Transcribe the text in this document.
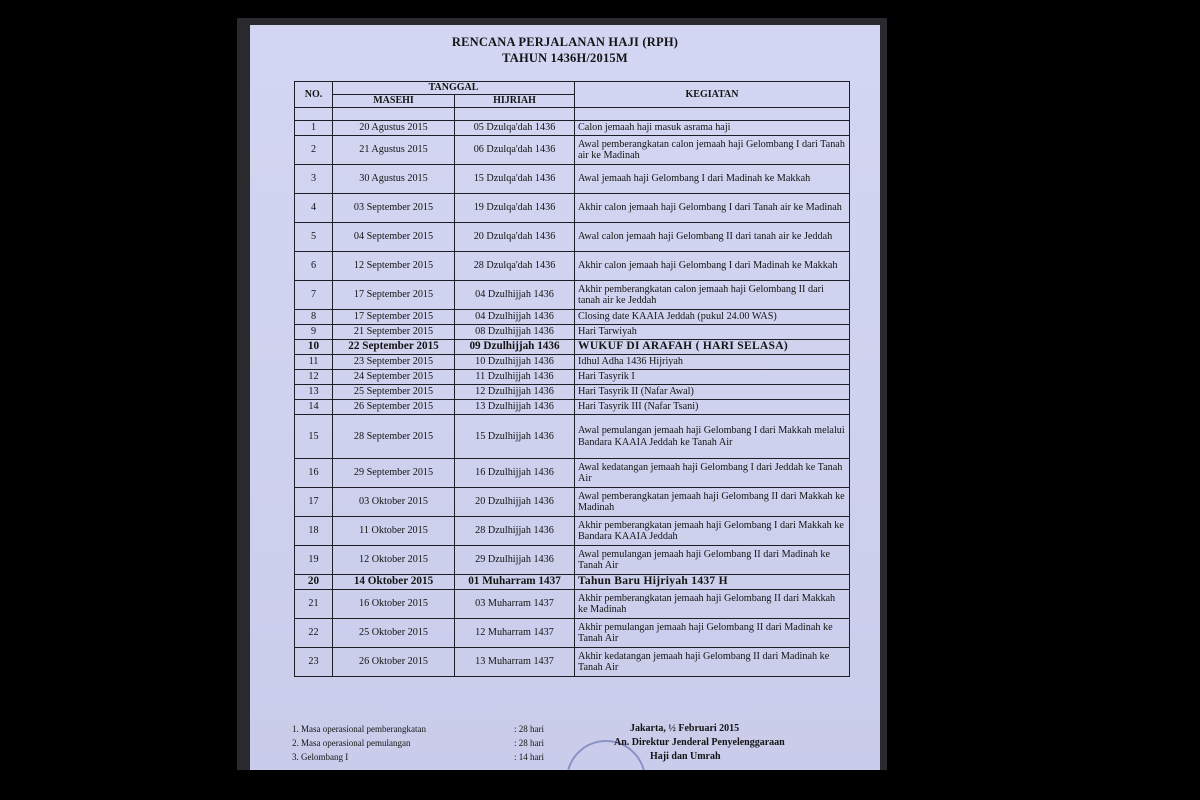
RENCANA PERJALANAN HAJI (RPH)
TAHUN 1436H/2015M
NO.	TANGGAL		KEGIATAN
	MASEHI	HIJRIAH	

1	20 Agustus 2015	05 Dzulqa'dah 1436	Calon jemaah haji masuk asrama haji
2	21 Agustus 2015	06 Dzulqa'dah 1436	Awal pemberangkatan calon jemaah haji Gelombang I dari Tanah air ke Madinah
3	30 Agustus 2015	15 Dzulqa'dah 1436	Awal jemaah haji Gelombang I dari Madinah ke Makkah
4	03 September 2015	19 Dzulqa'dah 1436	Akhir calon jemaah haji Gelombang I dari Tanah air ke Madinah
5	04 September 2015	20 Dzulqa'dah 1436	Awal calon jemaah haji Gelombang II dari tanah air ke Jeddah
6	12 September 2015	28 Dzulqa'dah 1436	Akhir calon jemaah haji Gelombang I dari Madinah ke Makkah
7	17 September 2015	04 Dzulhijjah 1436	Akhir pemberangkatan calon jemaah haji Gelombang II dari tanah air ke Jeddah
8	17 September 2015	04 Dzulhijjah 1436	Closing date KAAIA Jeddah (pukul 24.00 WAS)
9	21 September 2015	08 Dzulhijjah 1436	Hari Tarwiyah
10	22 September 2015	09 Dzulhijjah 1436	WUKUF DI ARAFAH ( HARI SELASA)
11	23 September 2015	10 Dzulhijjah 1436	Idhul Adha 1436 Hijriyah
12	24 September 2015	11 Dzulhijjah 1436	Hari Tasyrik I
13	25 September 2015	12 Dzulhijjah 1436	Hari Tasyrik II (Nafar Awal)
14	26 September 2015	13 Dzulhijjah 1436	Hari Tasyrik III (Nafar Tsani)
15	28 September 2015	15 Dzulhijjah 1436	Awal pemulangan jemaah haji Gelombang I dari Makkah melalui Bandara KAAIA Jeddah ke Tanah Air
16	29 September 2015	16 Dzulhijjah 1436	Awal kedatangan jemaah haji Gelombang I dari Jeddah ke Tanah Air
17	03 Oktober 2015	20 Dzulhijjah 1436	Awal pemberangkatan jemaah haji Gelombang II dari Makkah ke Madinah
18	11 Oktober 2015	28 Dzulhijjah 1436	Akhir pemberangkatan jemaah haji Gelombang I dari Makkah ke Bandara KAAIA Jeddah
19	12 Oktober 2015	29 Dzulhijjah 1436	Awal pemulangan jemaah haji Gelombang II dari Madinah ke Tanah Air
20	14 Oktober 2015	01 Muharram 1437	Tahun Baru Hijriyah 1437 H
21	16 Oktober 2015	03 Muharram 1437	Akhir pemberangkatan jemaah haji Gelombang II dari Makkah ke Madinah
22	25 Oktober 2015	12 Muharram 1437	Akhir pemulangan jemaah haji Gelombang II dari Madinah ke Tanah Air
23	26 Oktober 2015	13 Muharram 1437	Akhir kedatangan jemaah haji Gelombang II dari Madinah ke Tanah Air
1. Masa operasional pemberangkatan	: 28 hari
2. Masa operasional pemulangan	: 28 hari
3. Gelombang I	: 14 hari
Jakarta, ½ Februari 2015
An. Direktur Jenderal Penyelenggaraan
Haji dan Umrah
